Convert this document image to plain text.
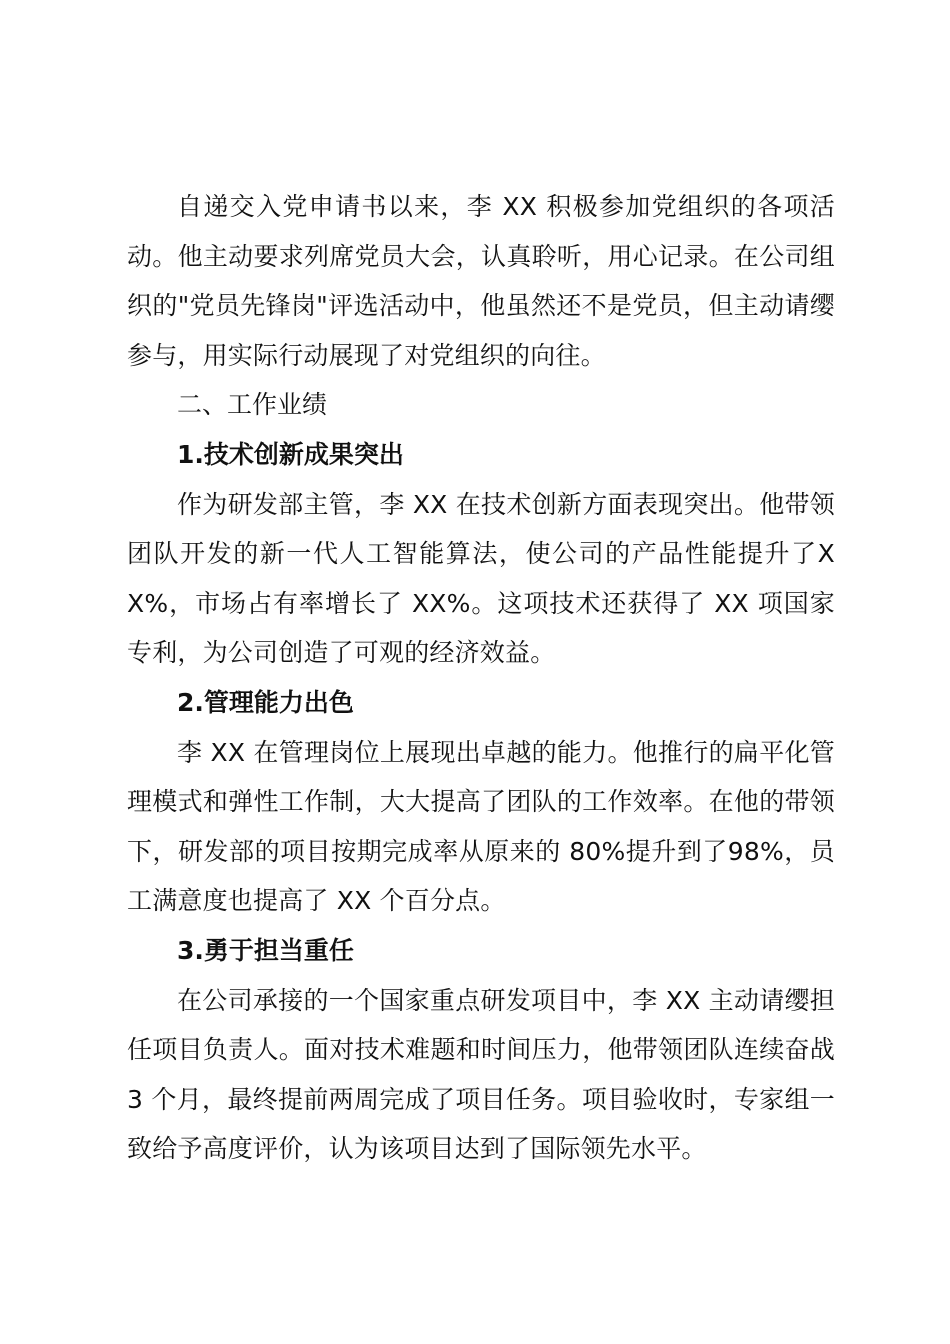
自递交入党申请书以来，李 XX 积极参加党组织的各项活动。他主动要求列席党员大会，认真聆听，用心记录。在公司组织的"党员先锋岗"评选活动中，他虽然还不是党员，但主动请缨参与，用实际行动展现了对党组织的向往。

二、工作业绩

1.技术创新成果突出

作为研发部主管，李 XX 在技术创新方面表现突出。他带领团队开发的新一代人工智能算法，使公司的产品性能提升了XX%，市场占有率增长了 XX%。这项技术还获得了 XX 项国家专利，为公司创造了可观的经济效益。

2.管理能力出色

李 XX 在管理岗位上展现出卓越的能力。他推行的扁平化管理模式和弹性工作制，大大提高了团队的工作效率。在他的带领下，研发部的项目按期完成率从原来的 80%提升到了98%，员工满意度也提高了 XX 个百分点。

3.勇于担当重任

在公司承接的一个国家重点研发项目中，李 XX 主动请缨担任项目负责人。面对技术难题和时间压力，他带领团队连续奋战 3 个月，最终提前两周完成了项目任务。项目验收时，专家组一致给予高度评价，认为该项目达到了国际领先水平。
